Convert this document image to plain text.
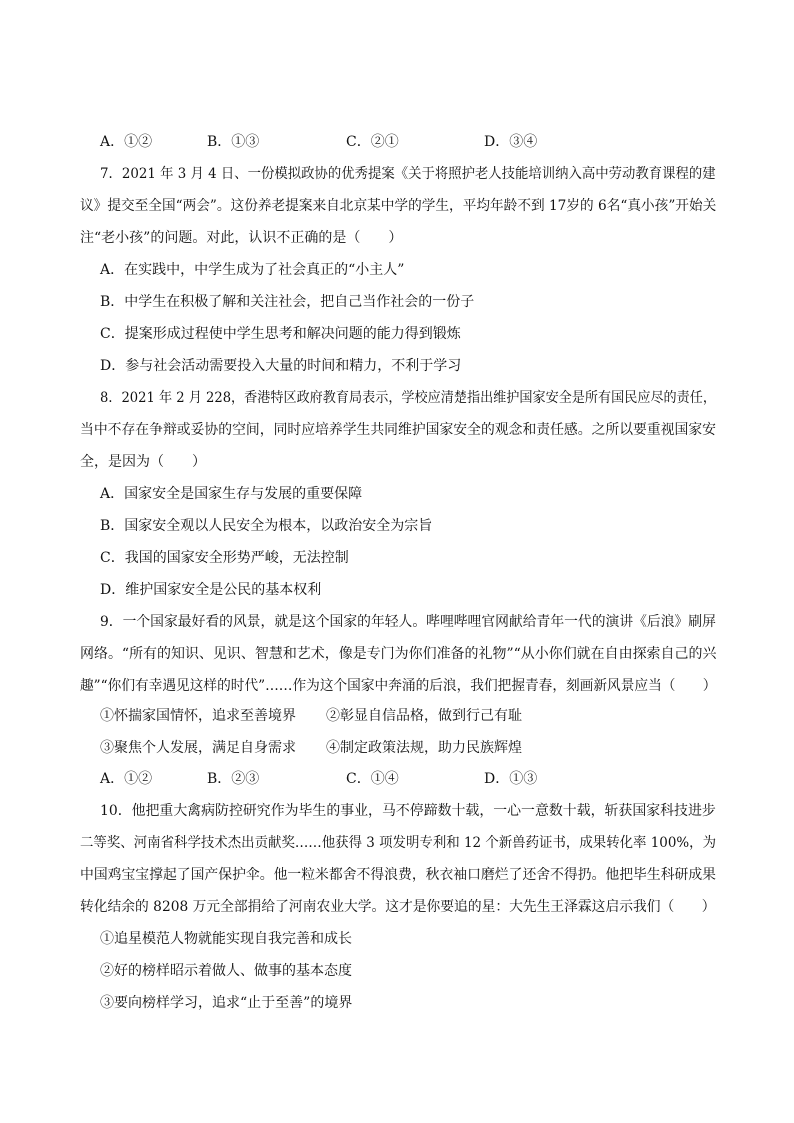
A．①②	B．①③	C．②①	D．③④
7．2021 年 3 月 4 日、一份模拟政协的优秀提案《关于将照护老人技能培训纳入高中劳动教育课程的建
议》提交至全国“两会”。这份养老提案来自北京某中学的学生，平均年龄不到 17岁的 6名“真小孩”开始关
注“老小孩”的问题。对此，认识不正确的是（　　）
A．在实践中，中学生成为了社会真正的“小主人”
B．中学生在积极了解和关注社会，把自己当作社会的一份子
C．提案形成过程使中学生思考和解决问题的能力得到锻炼
D．参与社会活动需要投入大量的时间和精力，不利于学习
8．2021 年 2 月 228，香港特区政府教育局表示，学校应清楚指出维护国家安全是所有国民应尽的责任，
当中不存在争辩或妥协的空间，同时应培养学生共同维护国家安全的观念和责任感。之所以要重视国家安
全，是因为（　　）
A．国家安全是国家生存与发展的重要保障
B．国家安全观以人民安全为根本，以政治安全为宗旨
C．我国的国家安全形势严峻，无法控制
D．维护国家安全是公民的基本权利
9．一个国家最好看的风景，就是这个国家的年轻人。哔哩哔哩官网献给青年一代的演讲《后浪》刷屏
网络。“所有的知识、见识、智慧和艺术，像是专门为你们准备的礼物”“从小你们就在自由探索自己的兴
趣”“你们有幸遇见这样的时代”……作为这个国家中奔涌的后浪，我们把握青春，刻画新风景应当（　　）
①怀揣家国情怀，追求至善境界 ②彰显自信品格，做到行己有耻
③聚焦个人发展，满足自身需求 ④制定政策法规，助力民族辉煌
A．①②	B．②③	C．①④	D．①③
10．他把重大禽病防控研究作为毕生的事业，马不停蹄数十载，一心一意数十载，斩获国家科技进步
二等奖、河南省科学技术杰出贡献奖……他获得 3 项发明专利和 12 个新兽药证书，成果转化率 100%，为
中国鸡宝宝撑起了国产保护伞。他一粒米都舍不得浪费，秋衣袖口磨烂了还舍不得扔。他把毕生科研成果
转化结余的 8208 万元全部捐给了河南农业大学。这才是你要追的星：大先生王泽霖这启示我们（　　）
①追星模范人物就能实现自我完善和成长
②好的榜样昭示着做人、做事的基本态度
③要向榜样学习，追求“止于至善”的境界
